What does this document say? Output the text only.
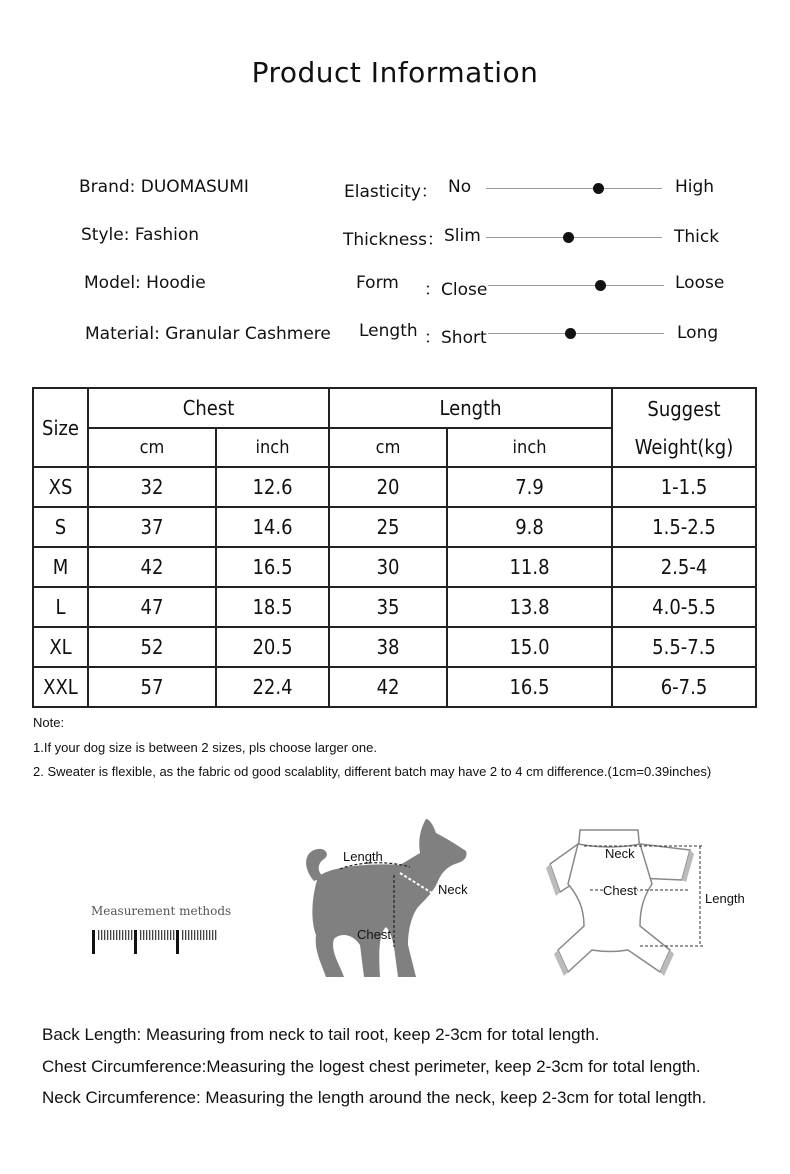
Product Information
Brand: DUOMASUMI
Style: Fashion
Model: Hoodie
Material: Granular Cashmere
Elasticity： No	High
Thickness： Slim	Thick
Form ：Close	Loose
Length ：Short	Long
Size	Chest		Length		Suggest
	cm	inch	cm	inch	Weight(kg)
XS	32	12.6	20	7.9	1-1.5
S	37	14.6	25	9.8	1.5-2.5
M	42	16.5	30	11.8	2.5-4
L	47	18.5	35	13.8	4.0-5.5
XL	52	20.5	38	15.0	5.5-7.5
XXL	57	22.4	42	16.5	6-7.5
Note:
1.If your dog size is between 2 sizes, pls choose larger one.
2. Sweater is flexible, as the fabric od good scalablity, different batch may have 2 to 4 cm difference.(1cm=0.39inches)
Measurement methods
Length
Neck
Chest
Neck
Chest
Length
Back Length: Measuring from neck to tail root, keep 2-3cm for total length.
Chest Circumference:Measuring the logest chest perimeter, keep 2-3cm for total length.
Neck Circumference: Measuring the length around the neck, keep 2-3cm for total length.
